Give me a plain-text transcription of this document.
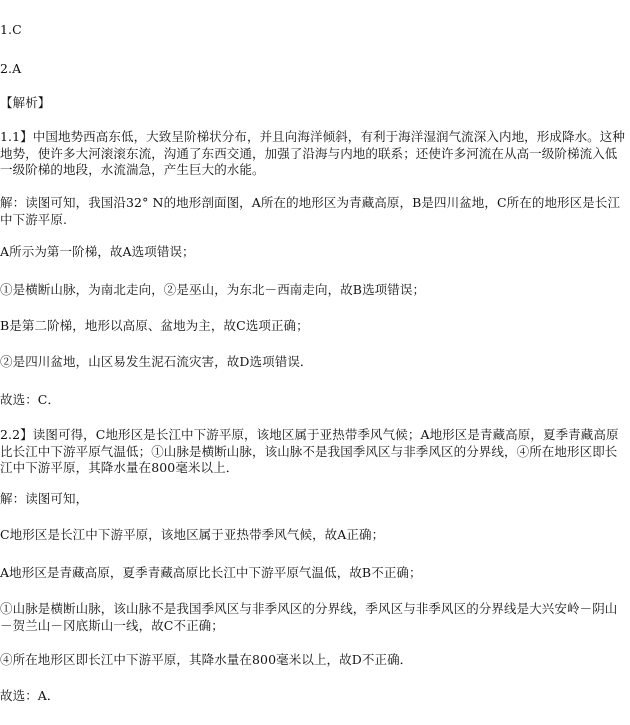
1.C
2.A
【解析】
1.1】中国地势西高东低，大致呈阶梯状分布，并且向海洋倾斜，有利于海洋湿润气流深入内地，形成降水。这种地势，使许多大河滚滚东流，沟通了东西交通，加强了沿海与内地的联系；还使许多河流在从高一级阶梯流入低一级阶梯的地段，水流湍急，产生巨大的水能。
解：读图可知，我国沿32° N的地形剖面图，A所在的地形区为青藏高原，B是四川盆地，C所在的地形区是长江中下游平原.
A所示为第一阶梯，故A选项错误；
①是横断山脉，为南北走向，②是巫山，为东北－西南走向，故B选项错误；
B是第二阶梯，地形以高原、盆地为主，故C选项正确；
②是四川盆地，山区易发生泥石流灾害，故D选项错误．
故选：C．
2.2】读图可得，C地形区是长江中下游平原，该地区属于亚热带季风气候；A地形区是青藏高原，夏季青藏高原比长江中下游平原气温低；①山脉是横断山脉，该山脉不是我国季风区与非季风区的分界线，④所在地形区即长江中下游平原，其降水量在800毫米以上．
解：读图可知，
C地形区是长江中下游平原，该地区属于亚热带季风气候，故A正确；
A地形区是青藏高原，夏季青藏高原比长江中下游平原气温低，故B不正确；
①山脉是横断山脉，该山脉不是我国季风区与非季风区的分界线，季风区与非季风区的分界线是大兴安岭－阴山－贺兰山－冈底斯山一线，故C不正确；
④所在地形区即长江中下游平原，其降水量在800毫米以上，故D不正确．
故选：A．
